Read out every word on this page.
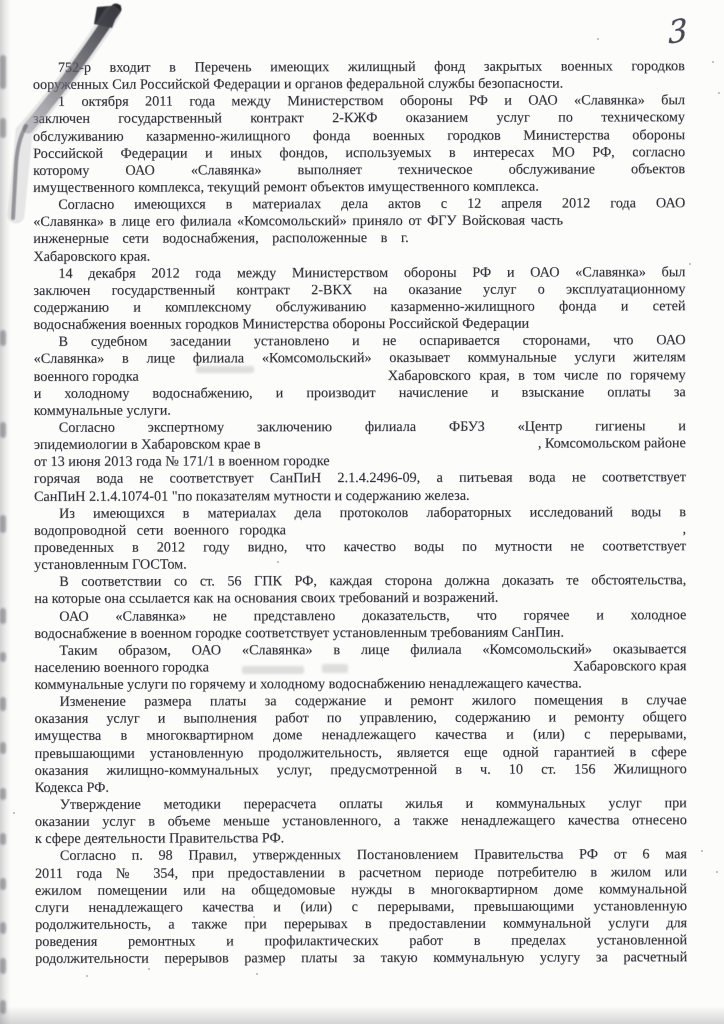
3
752-р входит в Перечень имеющих жилищный фонд закрытых военных городков
ооруженных Сил Российской Федерации и органов федеральной службы безопасности.
1 октября 2011 года между Министерством обороны РФ и ОАО «Славянка» был
заключен государственный контракт 2-КЖФ оказанием услуг по техническому
обслуживанию казарменно-жилищного фонда военных городков Министерства обороны
Российской Федерации и иных фондов, используемых в интересах МО РФ, согласно
которому ОАО «Славянка» выполняет техническое обслуживание объектов
имущественного комплекса, текущий ремонт объектов имущественного комплекса.
Согласно имеющихся в материалах дела актов с 12 апреля 2012 года ОАО
«Славянка» в лице его филиала «Комсомольский» приняло от ФГУ Войсковая часть
инженерные сети водоснабжения, расположенные в г.
Хабаровского края.
14 декабря 2012 года между Министерством обороны РФ и ОАО «Славянка» был
заключен государственный контракт 2-ВКХ на оказание услуг о эксплуатационному
содержанию и комплексному обслуживанию казарменно-жилищного фонда и сетей
водоснабжения военных городков Министерства обороны Российской Федерации
В судебном заседании установлено и не оспаривается сторонами, что ОАО
«Славянка» в лице филиала «Комсомольский» оказывает коммунальные услуги жителям
военного городка	Хабаровского края, в том числе по горячему
и холодному водоснабжению, и производит начисление и взыскание оплаты за
коммунальные услуги.
Согласно экспертному заключению филиала ФБУЗ «Центр гигиены и
эпидемиологии в Хабаровском крае в	, Комсомольском районе
от 13 июня 2013 года № 171/1 в военном городке
горячая вода не соответствует СанПиН 2.1.4.2496-09, а питьевая вода не соответствует
СанПиН 2.1.4.1074-01 "по показателям мутности и содержанию железа.
Из имеющихся в материалах дела протоколов лабораторных исследований воды в
водопроводной сети военного городка	,
проведенных в 2012 году видно, что качество воды по мутности не соответствует
установленным ГОСТом.
В соответствии со ст. 56 ГПК РФ, каждая сторона должна доказать те обстоятельства,
на которые она ссылается как на основания своих требований и возражений.
ОАО «Славянка» не представлено доказательств, что горячее и холодное
водоснабжение в военном городке соответствует установленным требованиям СанПин.
Таким образом, ОАО «Славянка» в лице филиала «Комсомольский» оказывается
населению военного городка	Хабаровского края
коммунальные услуги по горячему и холодному водоснабжению ненадлежащего качества.
Изменение размера платы за содержание и ремонт жилого помещения в случае
оказания услуг и выполнения работ по управлению, содержанию и ремонту общего
имущества в многоквартирном доме ненадлежащего качества и (или) с перерывами,
превышающими установленную продолжительность, является еще одной гарантией в сфере
оказания жилищно-коммунальных услуг, предусмотренной в ч. 10 ст. 156 Жилищного
Кодекса РФ.
Утверждение методики перерасчета оплаты жилья и коммунальных услуг при
оказании услуг в объеме меньше установленного, а также ненадлежащего качества отнесено
к сфере деятельности Правительства РФ.
Согласно п. 98 Правил, утвержденных Постановлением Правительства РФ от 6 мая
2011 года № 354, при предоставлении в расчетном периоде потребителю в жилом или
ежилом помещении или на общедомовые нужды в многоквартирном доме коммунальной
слуги ненадлежащего качества и (или) с перерывами, превышающими установленную
родолжительность, а также при перерывах в предоставлении коммунальной услуги для
роведения ремонтных и профилактических работ в пределах установленной
родолжительности перерывов размер платы за такую коммунальную услугу за расчетный
